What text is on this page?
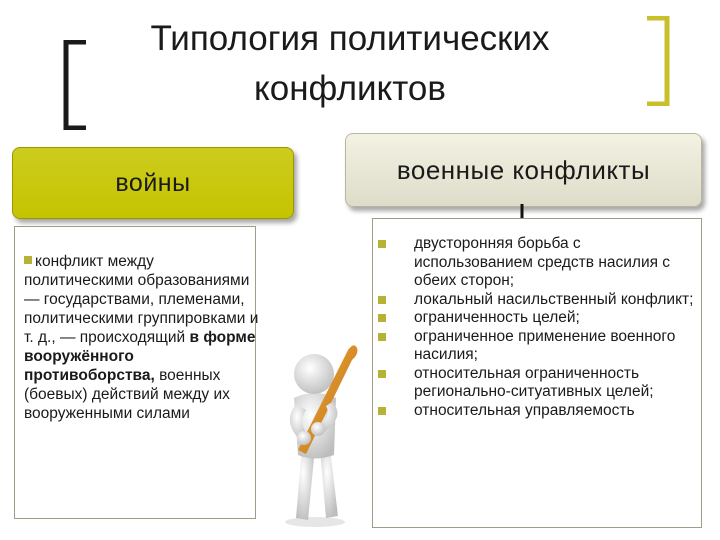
Типология политических
конфликтов
войны	военные конфликты
конфликт между политическими образованиями — государствами, племенами, политическими группировками и т. д., — происходящий в форме вооружённого противоборства, военных (боевых) действий между их вооруженными силами
двусторонняя борьба с использованием средств насилия с обеих сторон;
локальный насильственный конфликт;
ограниченность целей;
ограниченное применение военного насилия;
относительная ограниченность регионально-ситуативных целей;
относительная управляемость
